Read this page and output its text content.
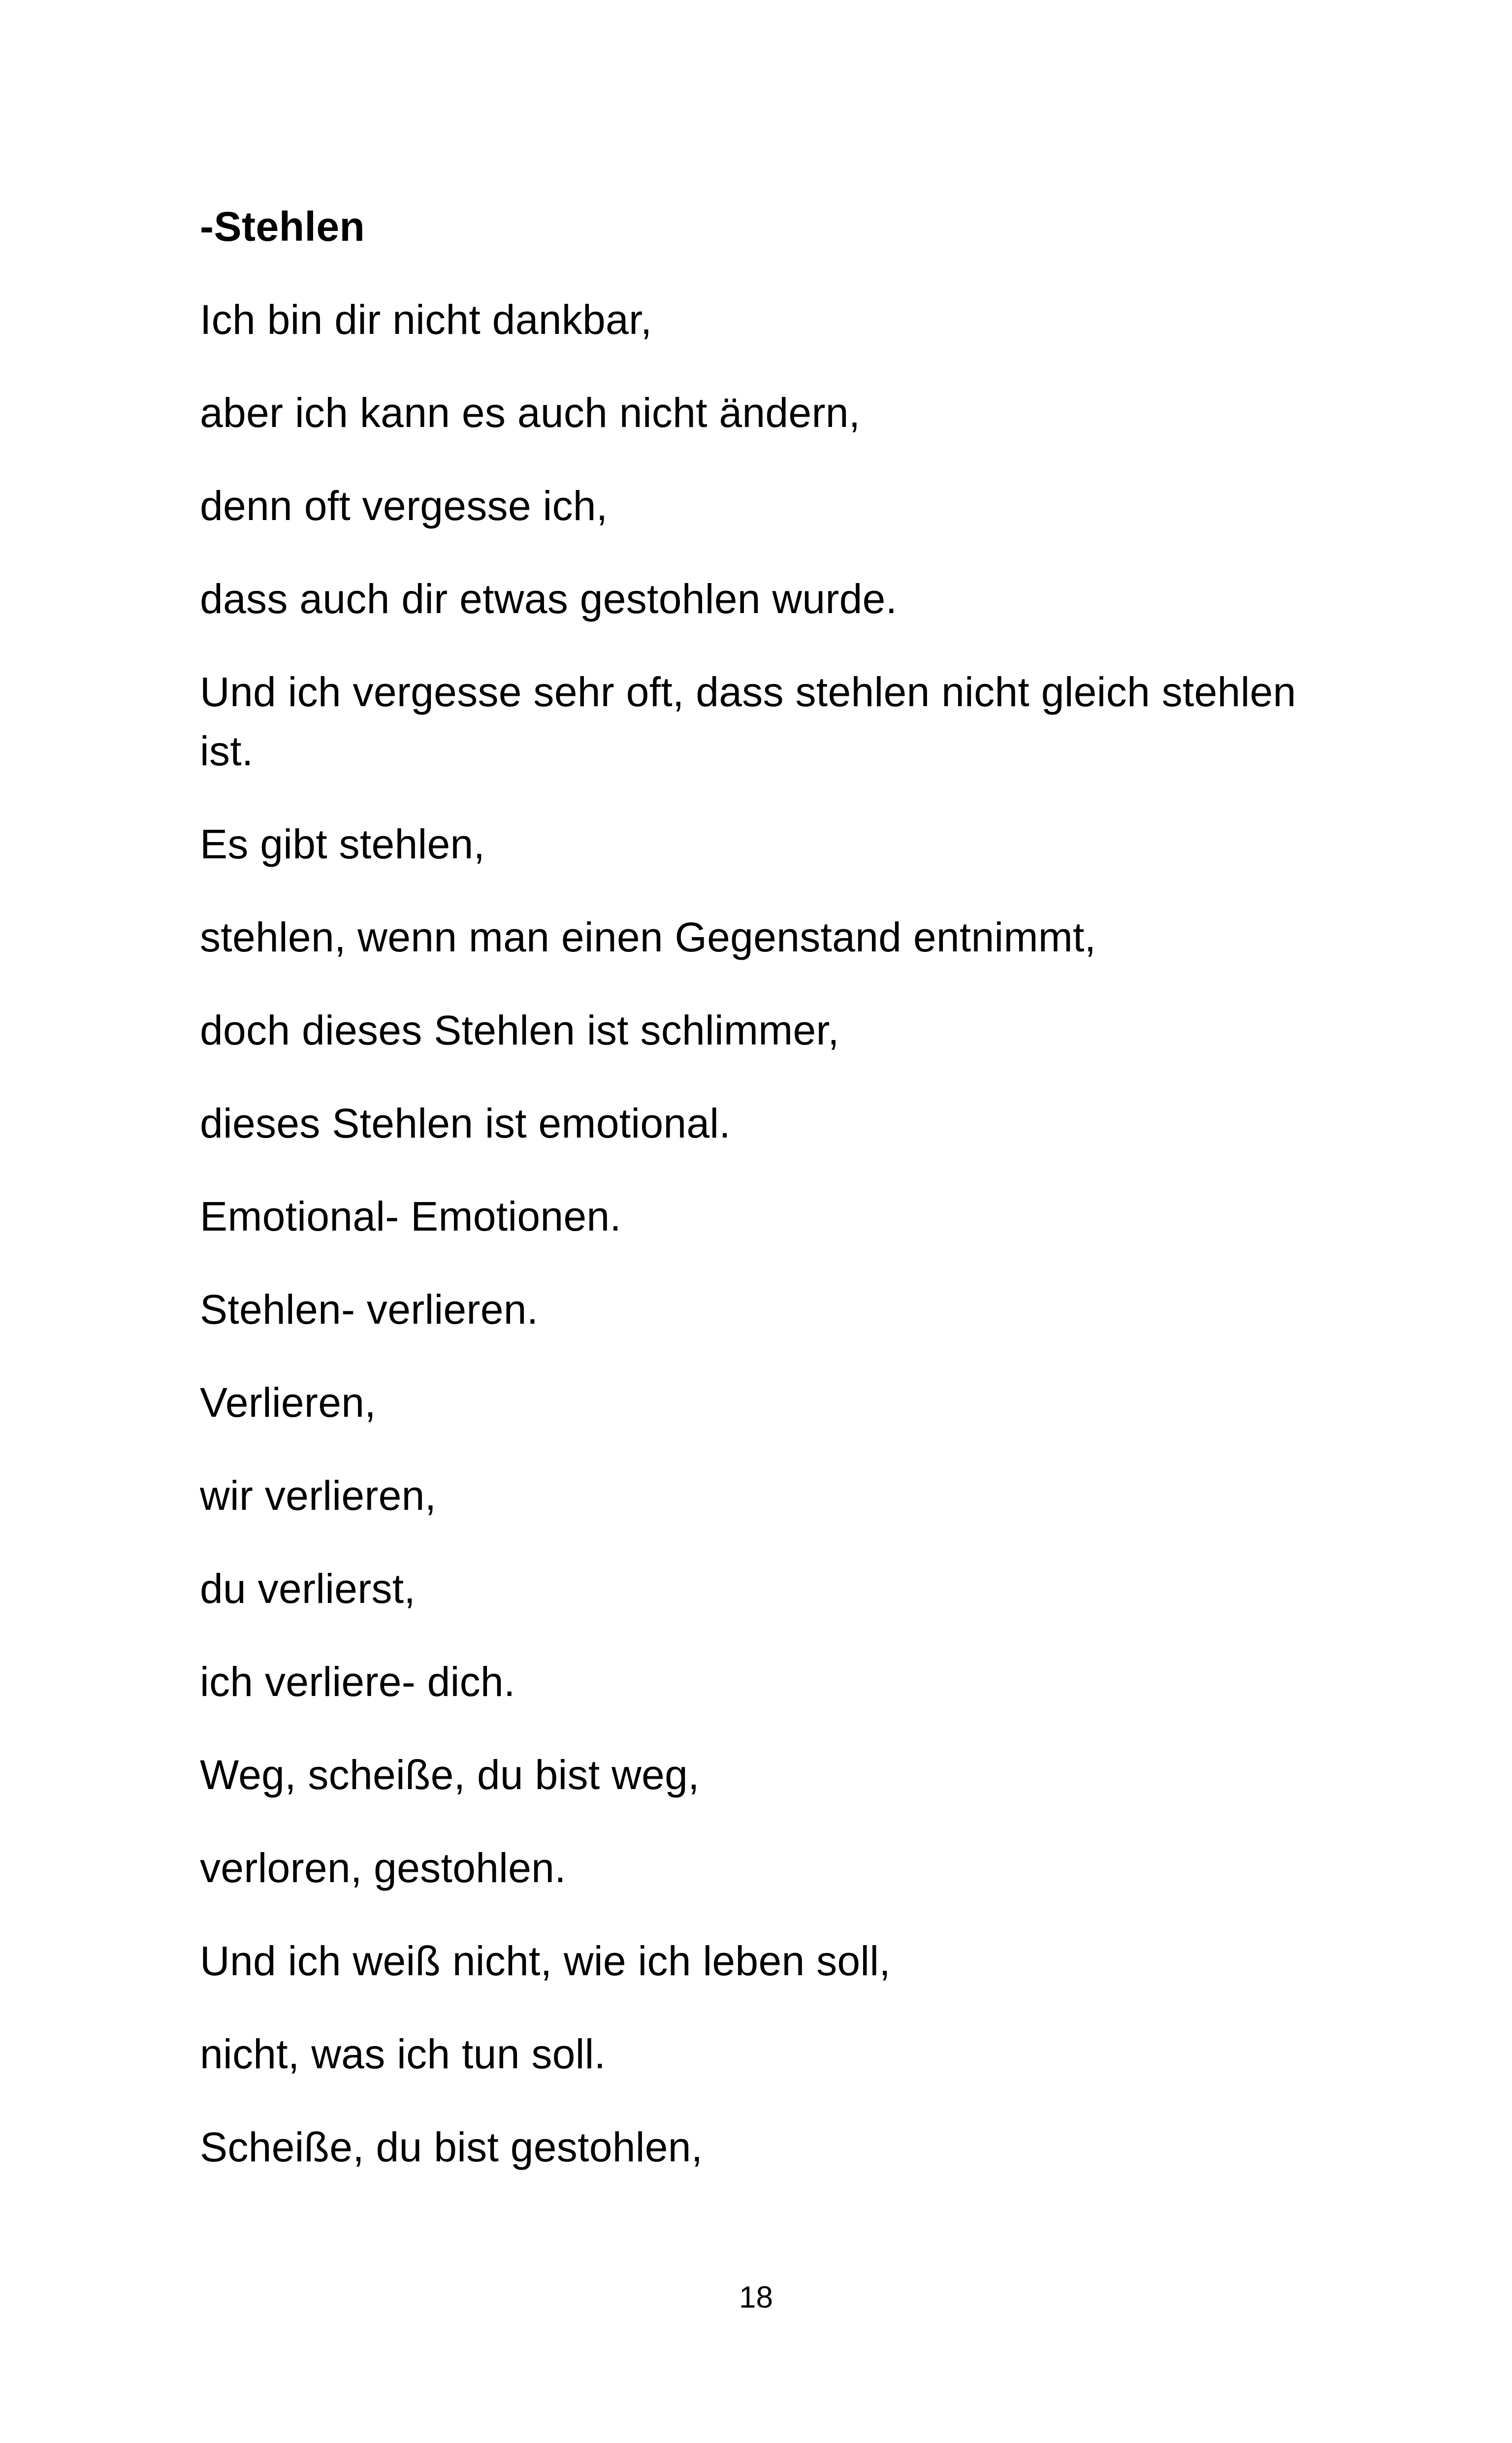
-Stehlen
Ich bin dir nicht dankbar,
aber ich kann es auch nicht ändern,
denn oft vergesse ich,
dass auch dir etwas gestohlen wurde.
Und ich vergesse sehr oft, dass stehlen nicht gleich stehlen ist.
Es gibt stehlen,
stehlen, wenn man einen Gegenstand entnimmt,
doch dieses Stehlen ist schlimmer,
dieses Stehlen ist emotional.
Emotional- Emotionen.
Stehlen- verlieren.
Verlieren,
wir verlieren,
du verlierst,
ich verliere- dich.
Weg, scheiße, du bist weg,
verloren, gestohlen.
Und ich weiß nicht, wie ich leben soll,
nicht, was ich tun soll.
Scheiße, du bist gestohlen,
18
